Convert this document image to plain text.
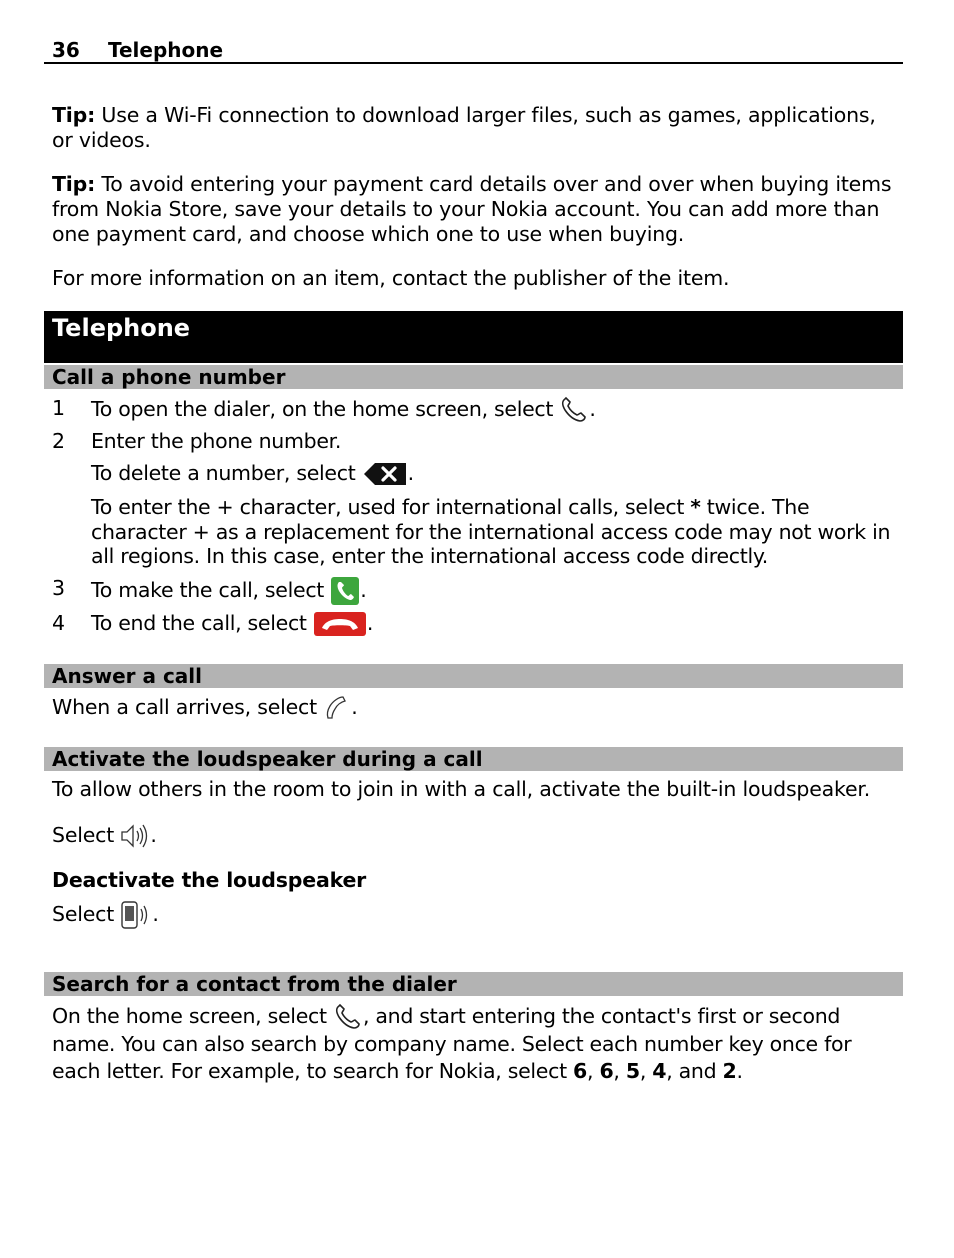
36 Telephone
Tip: Use a Wi-Fi connection to download larger files, such as games, applications, or videos.
Tip: To avoid entering your payment card details over and over when buying items from Nokia Store, save your details to your Nokia account. You can add more than one payment card, and choose which one to use when buying.
For more information on an item, contact the publisher of the item.
Telephone
Call a phone number
1 To open the dialer, on the home screen, select .
2 Enter the phone number.
To delete a number, select .
To enter the + character, used for international calls, select * twice. The character + as a replacement for the international access code may not work in all regions. In this case, enter the international access code directly.
3 To make the call, select .
4 To end the call, select	.
Answer a call
When a call arrives, select .
Activate the loudspeaker during a call
To allow others in the room to join in with a call, activate the built-in loudspeaker.
Select .
Deactivate the loudspeaker
Select .
Search for a contact from the dialer
On the home screen, select , and start entering the contact's first or second name. You can also search by company name. Select each number key once for each letter. For example, to search for Nokia, select 6, 6, 5, 4, and 2.
